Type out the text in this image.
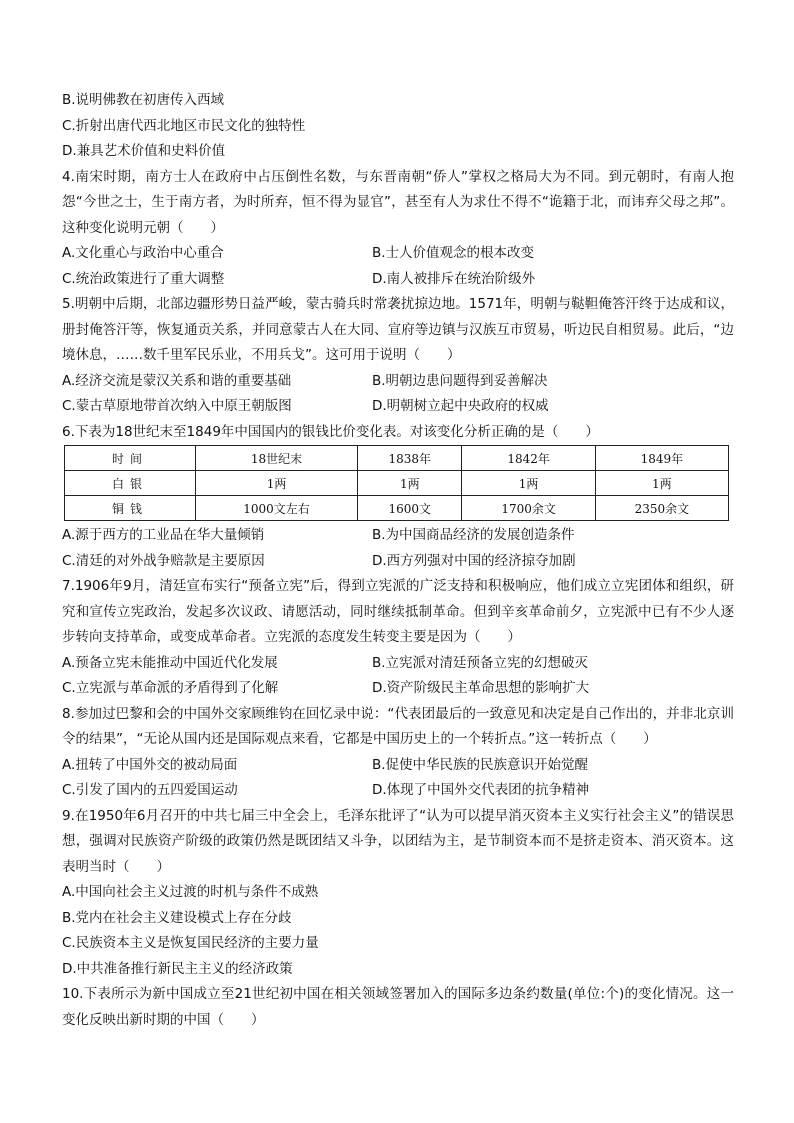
B.说明佛教在初唐传入西域
C.折射出唐代西北地区市民文化的独特性
D.兼具艺术价值和史料价值
4.南宋时期，南方士人在政府中占压倒性名数，与东晋南朝“侨人”掌权之格局大为不同。到元朝时，有南人抱怨“今世之士，生于南方者，为时所弃，恒不得为显官”，甚至有人为求仕不得不“诡籍于北，而讳弃父母之邦”。这种变化说明元朝（　　）
A.文化重心与政治中心重合	B.士人价值观念的根本改变
C.统治政策进行了重大调整	D.南人被排斥在统治阶级外
5.明朝中后期，北部边疆形势日益严峻，蒙古骑兵时常袭扰掠边地。1571年，明朝与鞑靼俺答汗终于达成和议，册封俺答汗等，恢复通贡关系，并同意蒙古人在大同、宣府等边镇与汉族互市贸易，听边民自相贸易。此后，“边境休息，……数千里军民乐业，不用兵戈”。这可用于说明（　　）
A.经济交流是蒙汉关系和谐的重要基础	B.明朝边患问题得到妥善解决
C.蒙古草原地带首次纳入中原王朝版图	D.明朝树立起中央政府的权威
6.下表为18世纪末至1849年中国国内的银钱比价变化表。对该变化分析正确的是（　　）
时间	18世纪末	1838年	1842年	1849年
白银	1两	1两	1两	1两
铜钱	1000文左右	1600文	1700余文	2350余文
A.源于西方的工业品在华大量倾销	B.为中国商品经济的发展创造条件
C.清廷的对外战争赔款是主要原因	D.西方列强对中国的经济掠夺加剧
7.1906年9月，清廷宣布实行“预备立宪”后，得到立宪派的广泛支持和积极响应，他们成立立宪团体和组织，研究和宣传立宪政治，发起多次议政、请愿活动，同时继续抵制革命。但到辛亥革命前夕，立宪派中已有不少人逐步转向支持革命，或变成革命者。立宪派的态度发生转变主要是因为（　　）
A.预备立宪未能推动中国近代化发展	B.立宪派对清廷预备立宪的幻想破灭
C.立宪派与革命派的矛盾得到了化解	D.资产阶级民主革命思想的影响扩大
8.参加过巴黎和会的中国外交家顾维钧在回忆录中说：“代表团最后的一致意见和决定是自己作出的，并非北京训令的结果”，“无论从国内还是国际观点来看，它都是中国历史上的一个转折点。”这一转折点（　　）
A.扭转了中国外交的被动局面	B.促使中华民族的民族意识开始觉醒
C.引发了国内的五四爱国运动	D.体现了中国外交代表团的抗争精神
9.在1950年6月召开的中共七届三中全会上，毛泽东批评了“认为可以提早消灭资本主义实行社会主义”的错误思想，强调对民族资产阶级的政策仍然是既团结又斗争，以团结为主，是节制资本而不是挤走资本、消灭资本。这表明当时（　　）
A.中国向社会主义过渡的时机与条件不成熟
B.党内在社会主义建设模式上存在分歧
C.民族资本主义是恢复国民经济的主要力量
D.中共准备推行新民主主义的经济政策
10.下表所示为新中国成立至21世纪初中国在相关领域签署加入的国际多边条约数量(单位:个)的变化情况。这一变化反映出新时期的中国（　　）
